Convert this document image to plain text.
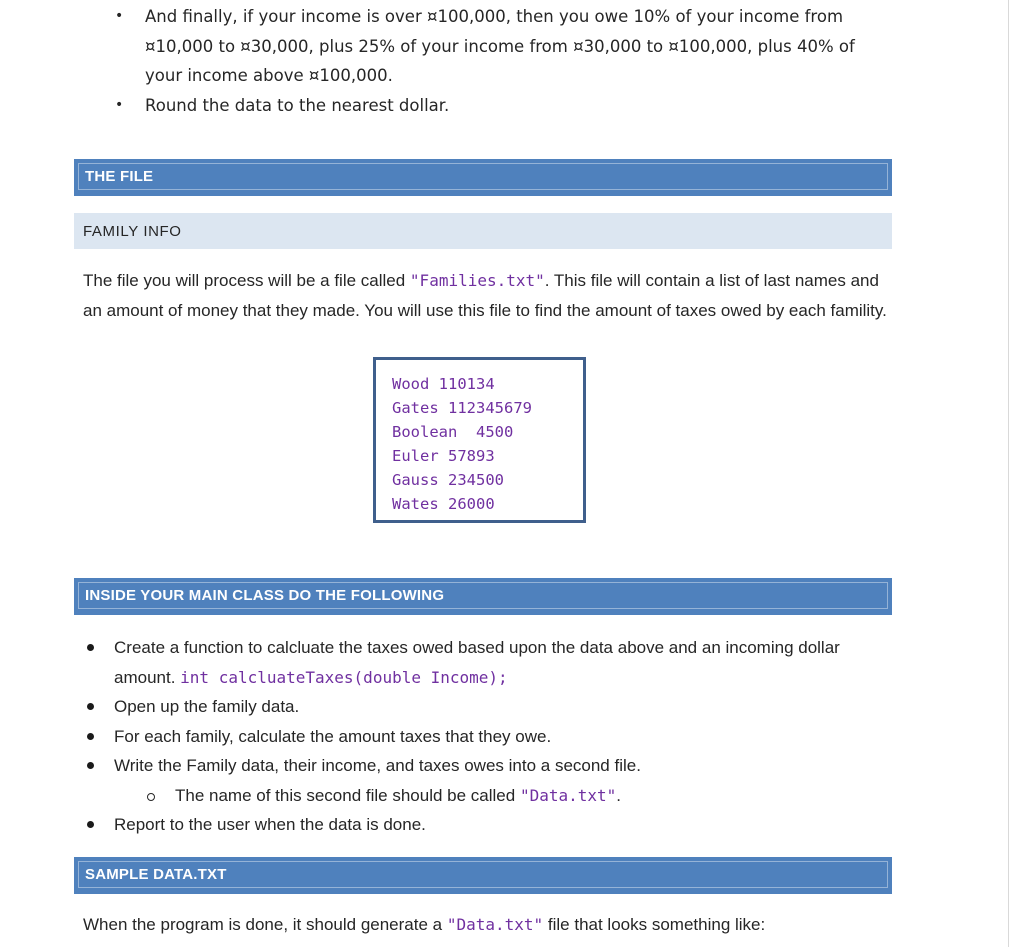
• And finally, if your income is over ¤100,000, then you owe 10% of your income from ¤10,000 to ¤30,000, plus 25% of your income from ¤30,000 to ¤100,000, plus 40% of your income above ¤100,000.
• Round the data to the nearest dollar.
THE FILE
FAMILY INFO
The file you will process will be a file called "Families.txt". This file will contain a list of last names and an amount of money that they made. You will use this file to find the amount of taxes owed by each famility.
Wood 110134
Gates 112345679
Boolean  4500
Euler 57893
Gauss 234500
Wates 26000
INSIDE YOUR MAIN CLASS DO THE FOLLOWING
Create a function to calcluate the taxes owed based upon the data above and an incoming dollar amount. int calcluateTaxes(double Income);
Open up the family data.
For each family, calculate the amount taxes that they owe.
Write the Family data, their income, and taxes owes into a second file.
The name of this second file should be called "Data.txt".
Report to the user when the data is done.
SAMPLE DATA.TXT
When the program is done, it should generate a "Data.txt" file that looks something like:
